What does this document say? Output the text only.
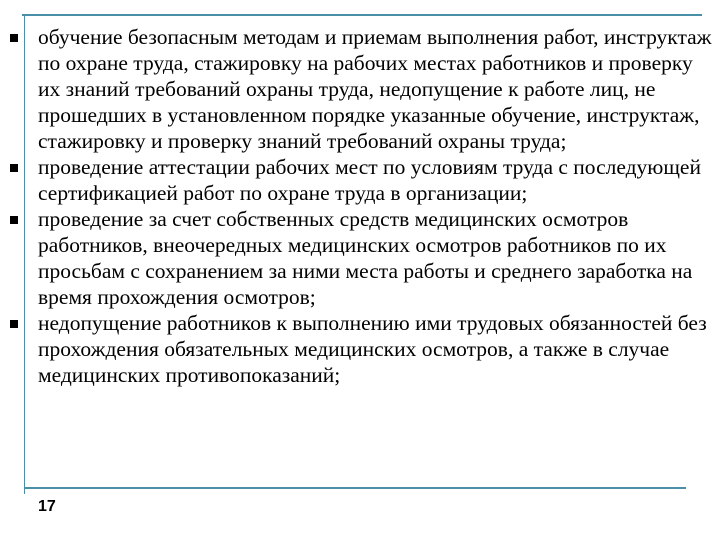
обучение безопасным методам и приемам выполнения работ, инструктаж по охране труда, стажировку на рабочих местах работников и проверку их знаний требований охраны труда, недопущение к работе лиц, не прошедших в установленном порядке указанные обучение, инструктаж, стажировку и проверку знаний требований охраны труда;
проведение аттестации рабочих мест по условиям труда с последующей сертификацией работ по охране труда в организации;
проведение за счет собственных средств медицинских осмотров работников, внеочередных медицинских осмотров работников по их просьбам с сохранением за ними места работы и среднего заработка на время прохождения осмотров;
недопущение работников к выполнению ими трудовых обязанностей без прохождения обязательных медицинских осмотров, а также в случае медицинских противопоказаний;
17
